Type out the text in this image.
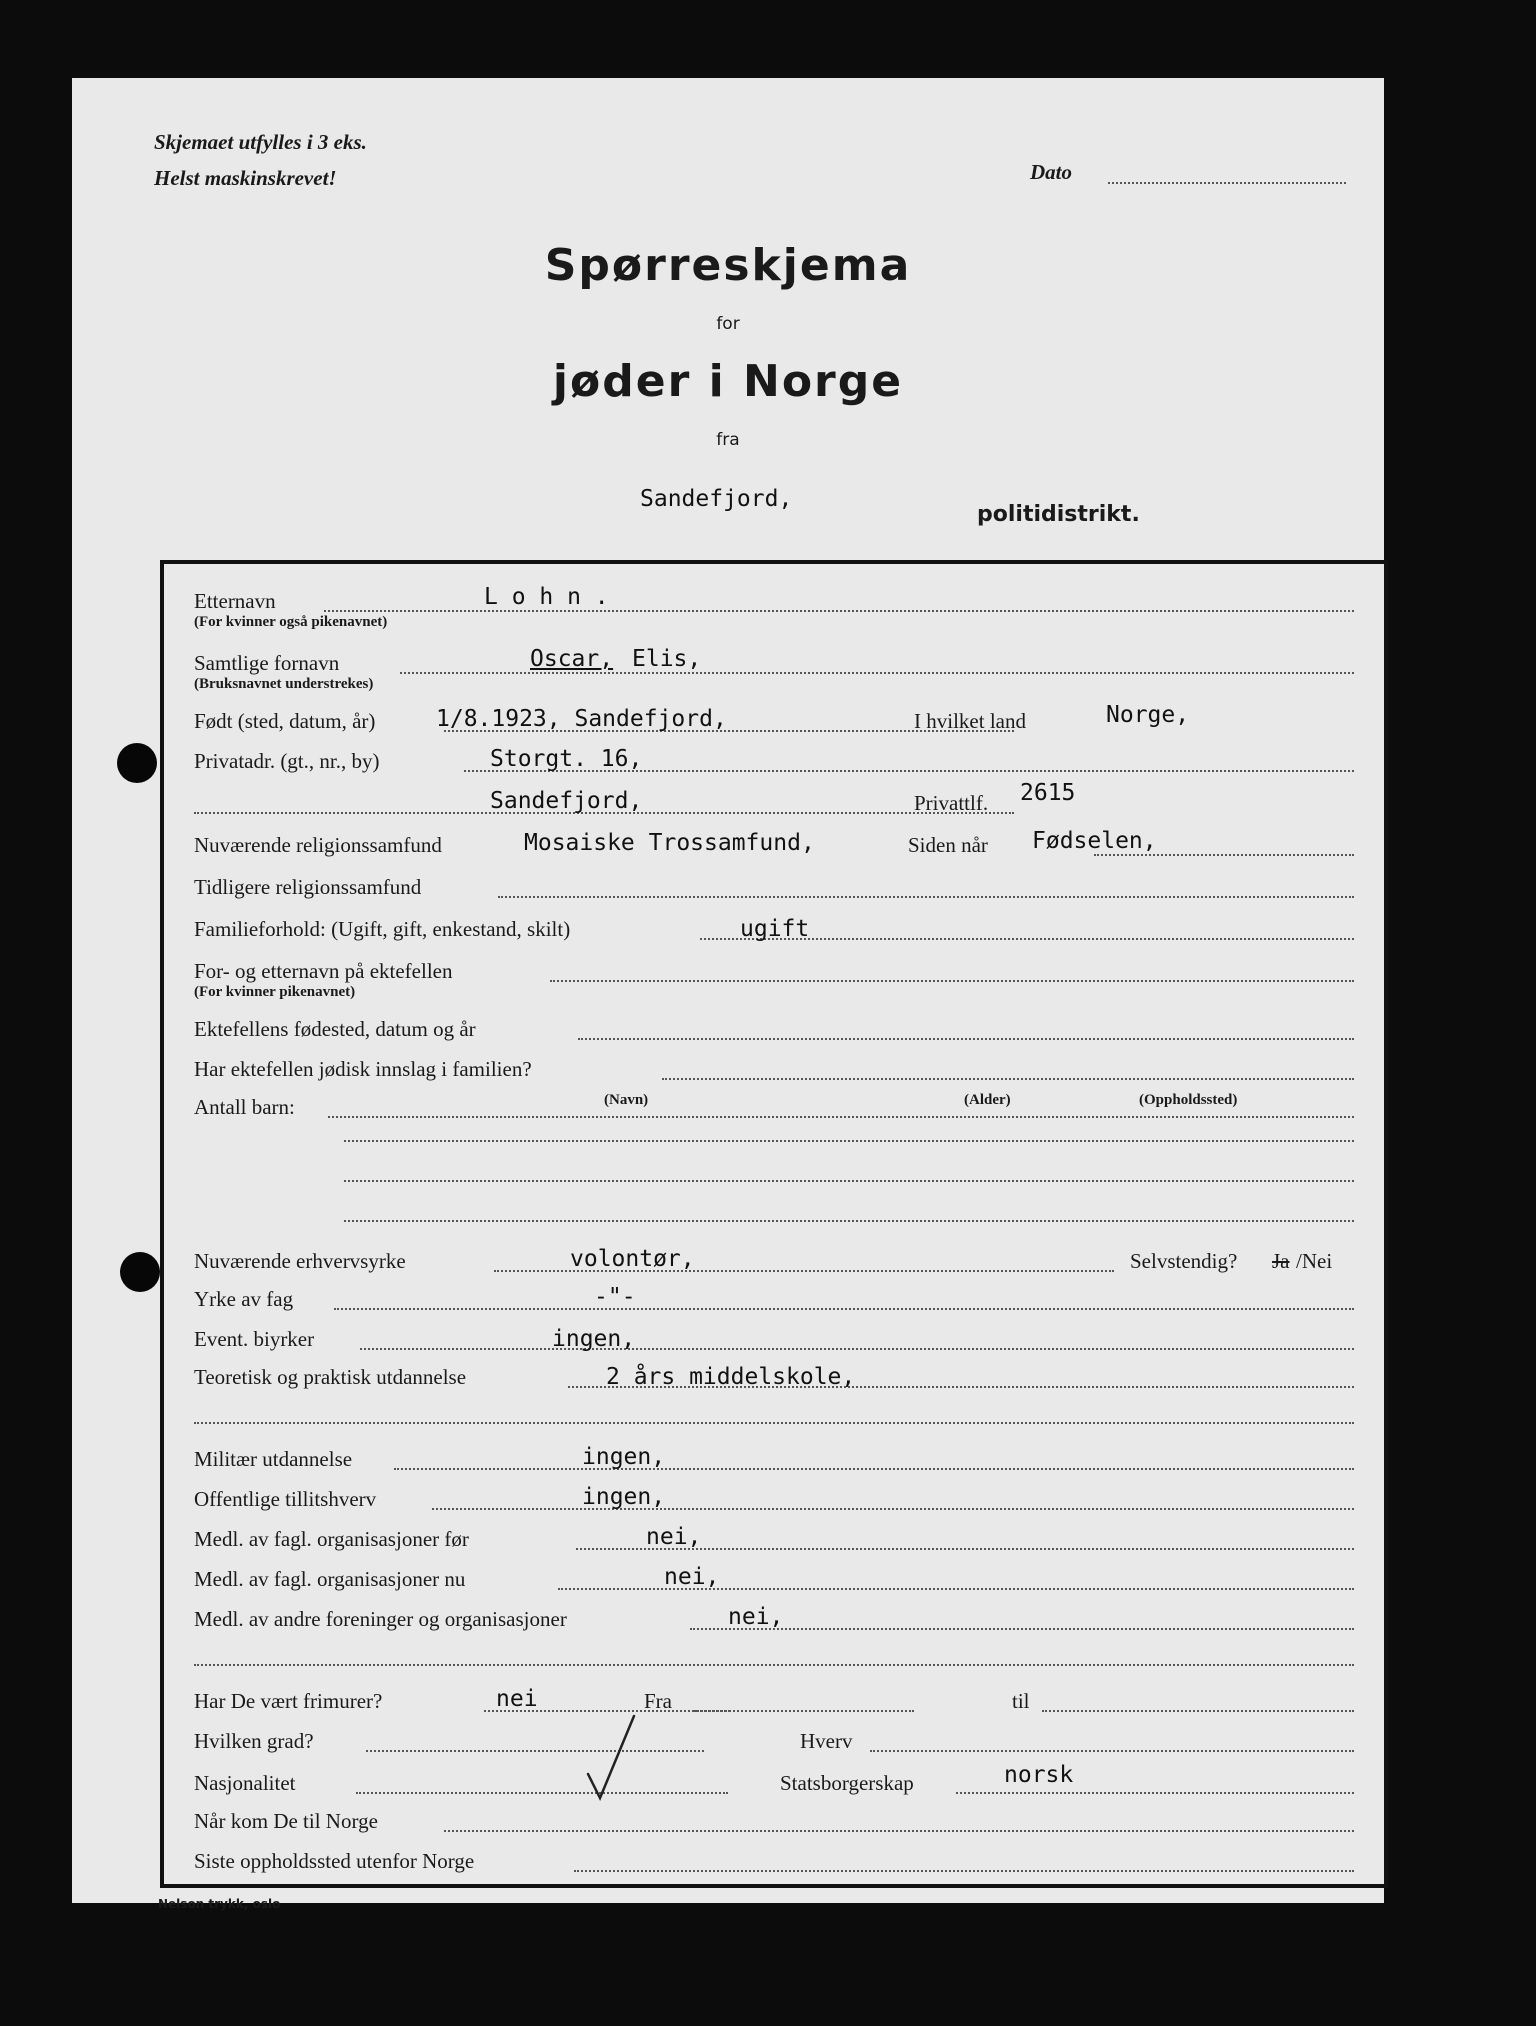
Skjemaet utfylles i 3 eks.
Helst maskinskrevet!	Dato
Spørreskjema
for
jøder i Norge
fra
Sandefjord,
politidistrikt.
Nelson trykk, oslo
Etternavn	L o h n .
(For kvinner også pikenavnet)
Samtlige fornavn	Oscar, Elis,
(Bruksnavnet understrekes)
Født (sted, datum, år)	1/8.1923, Sandefjord,	I hvilket land	Norge,
Privatadr. (gt., nr., by)	Storgt. 16,
Sandefjord,	Privattlf. 2615
Nuværende religionssamfund	Mosaiske Trossamfund,	Siden når Fødselen,
Tidligere religionssamfund
Familieforhold: (Ugift, gift, enkestand, skilt)	ugift
For- og etternavn på ektefellen
(For kvinner pikenavnet)
Ektefellens fødested, datum og år
Har ektefellen jødisk innslag i familien?
Antall barn:	(Navn)	(Alder)	(Oppholdssted)
Nuværende erhvervsyrke	volontør,	Selvstendig? Ja /Nei
Yrke av fag	-"-
Event. biyrker	ingen,
Teoretisk og praktisk utdannelse	2 års middelskole,
Militær utdannelse	ingen,
Offentlige tillitshverv	ingen,
Medl. av fagl. organisasjoner før	nei,
Medl. av fagl. organisasjoner nu	nei,
Medl. av andre foreninger og organisasjoner	nei,
Har De vært frimurer?	nei	Fra	til
Hvilken grad?	Hverv
Nasjonalitet	Statsborgerskap	norsk
Når kom De til Norge
Siste oppholdssted utenfor Norge
